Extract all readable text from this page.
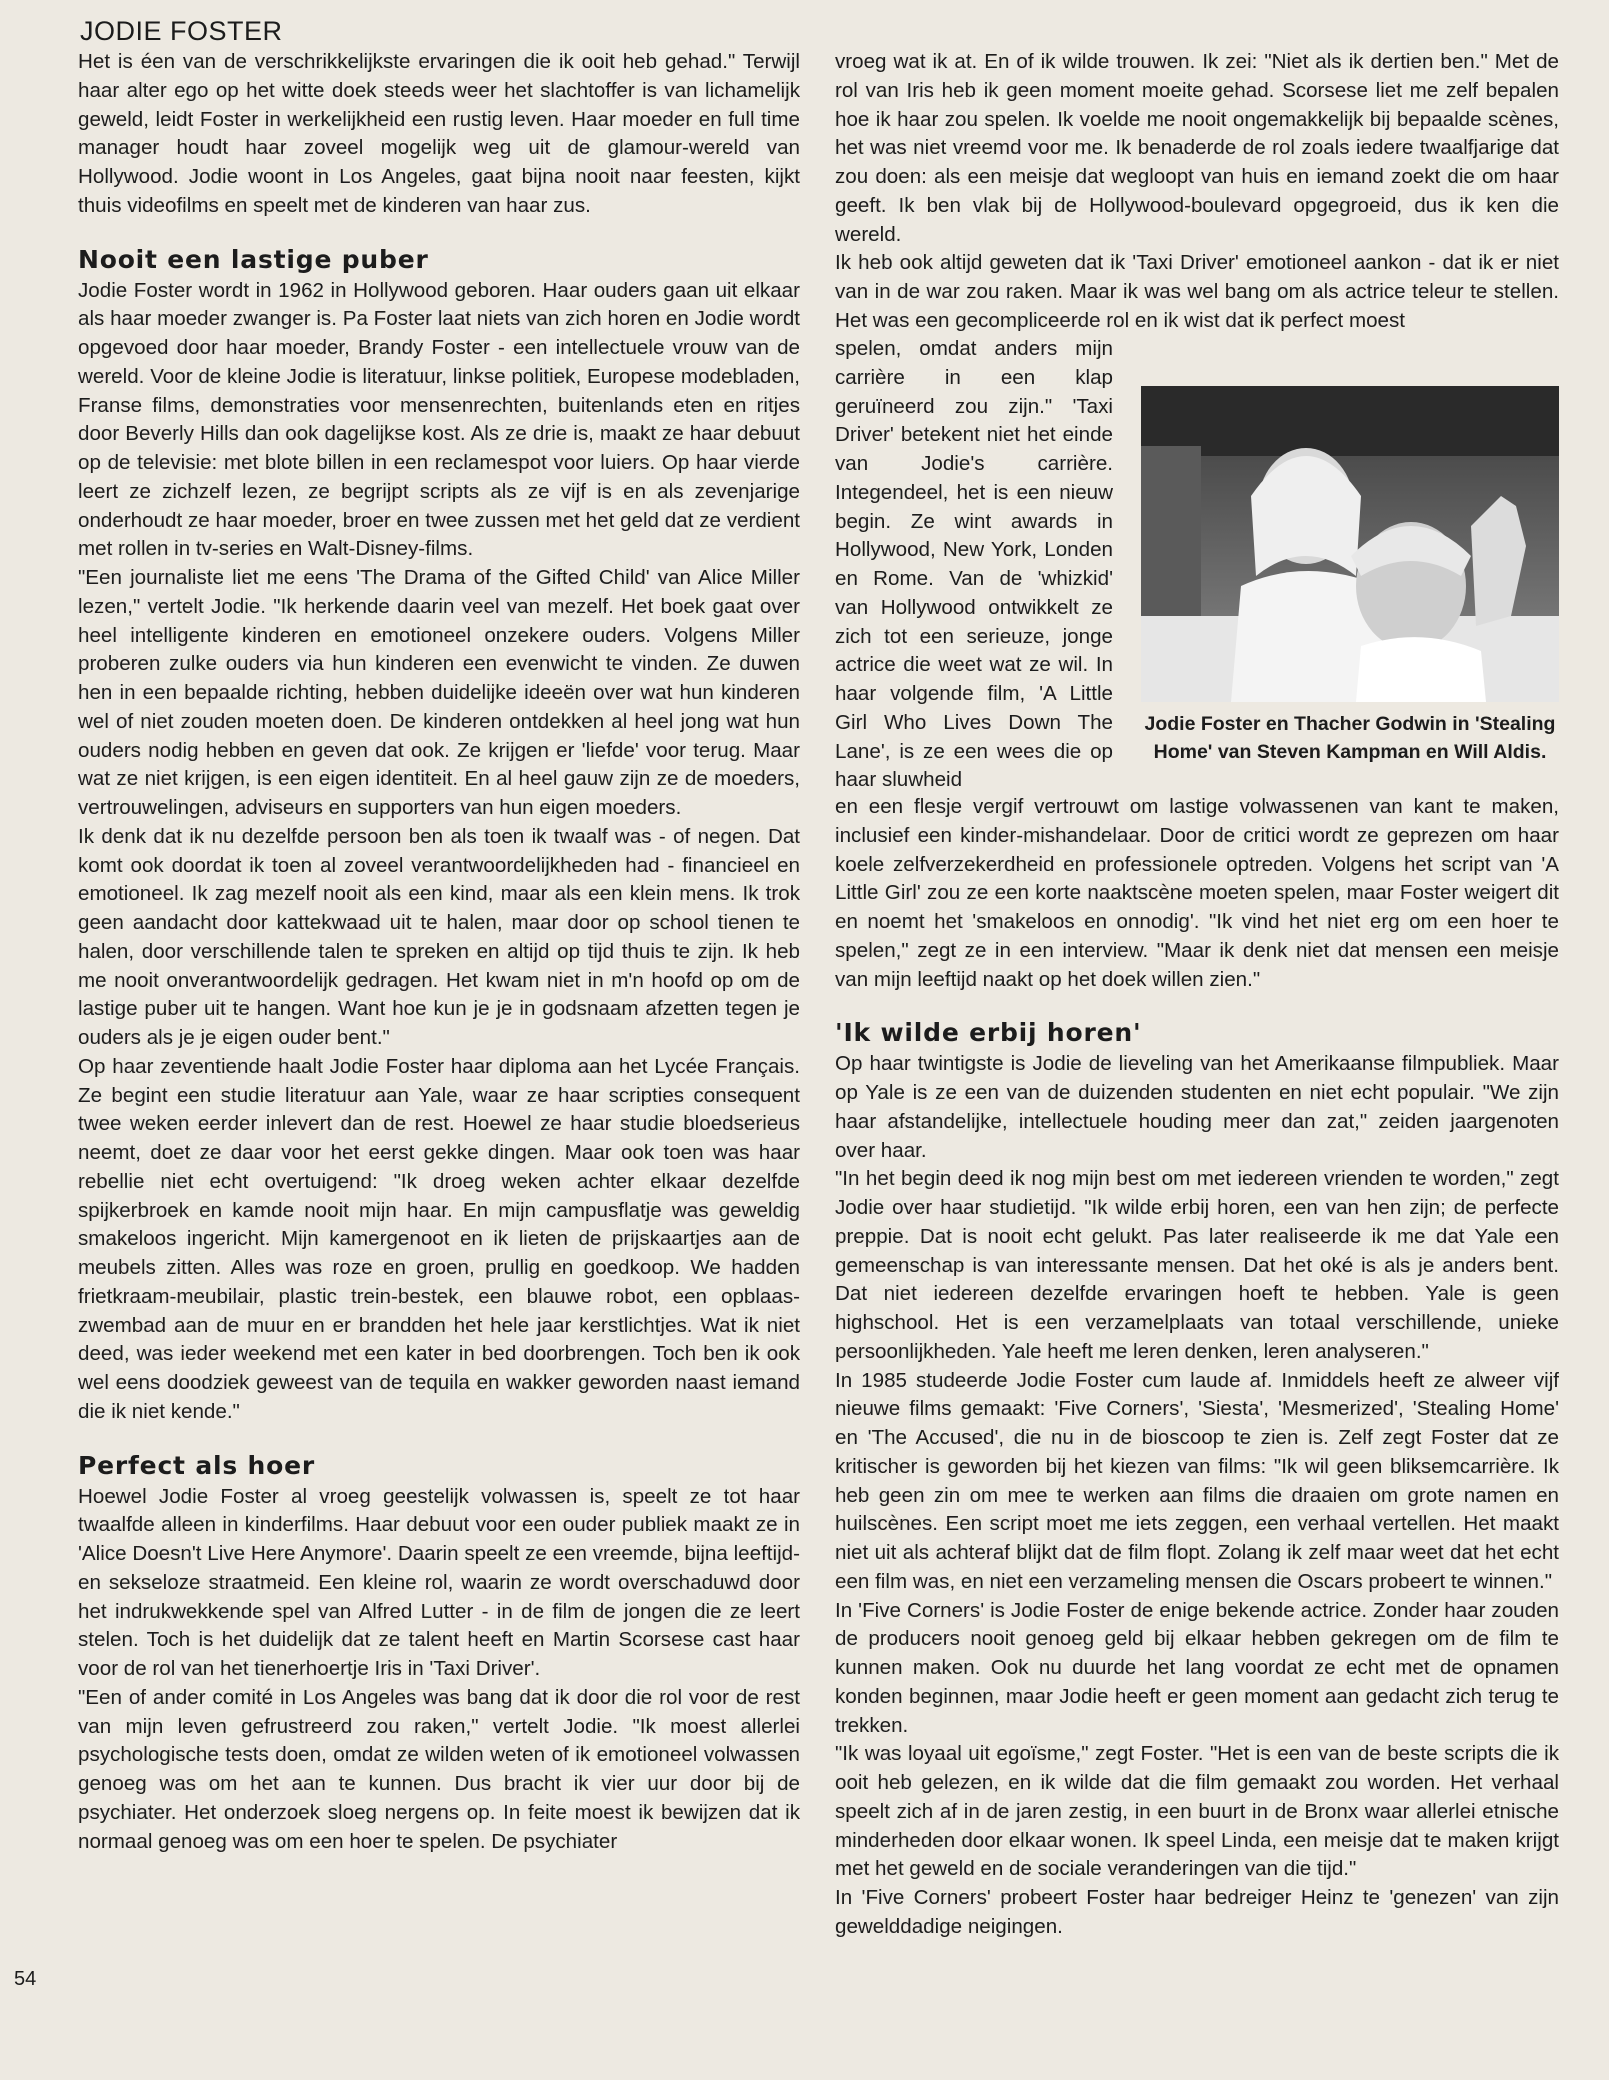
JODIE FOSTER

Het is éen van de verschrikkelijkste ervaringen die ik ooit heb gehad." Terwijl haar alter ego op het witte doek steeds weer het slachtoffer is van lichamelijk geweld, leidt Foster in werkelijkheid een rustig leven. Haar moeder en full time manager houdt haar zoveel mogelijk weg uit de glamour-wereld van Hollywood. Jodie woont in Los Angeles, gaat bijna nooit naar feesten, kijkt thuis videofilms en speelt met de kinderen van haar zus.

Nooit een lastige puber

Jodie Foster wordt in 1962 in Hollywood geboren. Haar ouders gaan uit elkaar als haar moeder zwanger is. Pa Foster laat niets van zich horen en Jodie wordt opgevoed door haar moeder, Brandy Foster - een intellectuele vrouw van de wereld. Voor de kleine Jodie is literatuur, linkse politiek, Europese modebladen, Franse films, demonstraties voor mensenrechten, buitenlands eten en ritjes door Beverly Hills dan ook dagelijkse kost. Als ze drie is, maakt ze haar debuut op de televisie: met blote billen in een reclamespot voor luiers. Op haar vierde leert ze zichzelf lezen, ze begrijpt scripts als ze vijf is en als zevenjarige onderhoudt ze haar moeder, broer en twee zussen met het geld dat ze verdient met rollen in tv-series en Walt-Disney-films.

"Een journaliste liet me eens 'The Drama of the Gifted Child' van Alice Miller lezen," vertelt Jodie. "Ik herkende daarin veel van mezelf. Het boek gaat over heel intelligente kinderen en emotioneel onzekere ouders. Volgens Miller proberen zulke ouders via hun kinderen een evenwicht te vinden. Ze duwen hen in een bepaalde richting, hebben duidelijke ideeën over wat hun kinderen wel of niet zouden moeten doen. De kinderen ontdekken al heel jong wat hun ouders nodig hebben en geven dat ook. Ze krijgen er 'liefde' voor terug. Maar wat ze niet krijgen, is een eigen identiteit. En al heel gauw zijn ze de moeders, vertrouwelingen, adviseurs en supporters van hun eigen moeders.

Ik denk dat ik nu dezelfde persoon ben als toen ik twaalf was - of negen. Dat komt ook doordat ik toen al zoveel verantwoordelijkheden had - financieel en emotioneel. Ik zag mezelf nooit als een kind, maar als een klein mens. Ik trok geen aandacht door kattekwaad uit te halen, maar door op school tienen te halen, door verschillende talen te spreken en altijd op tijd thuis te zijn. Ik heb me nooit onverantwoordelijk gedragen. Het kwam niet in m'n hoofd op om de lastige puber uit te hangen. Want hoe kun je je in godsnaam afzetten tegen je ouders als je je eigen ouder bent."

Op haar zeventiende haalt Jodie Foster haar diploma aan het Lycée Français. Ze begint een studie literatuur aan Yale, waar ze haar scripties consequent twee weken eerder inlevert dan de rest. Hoewel ze haar studie bloedserieus neemt, doet ze daar voor het eerst gekke dingen. Maar ook toen was haar rebellie niet echt overtuigend: "Ik droeg weken achter elkaar dezelfde spijkerbroek en kamde nooit mijn haar. En mijn campusflatje was geweldig smakeloos ingericht. Mijn kamergenoot en ik lieten de prijskaartjes aan de meubels zitten. Alles was roze en groen, prullig en goedkoop. We hadden frietkraam-meubilair, plastic trein-bestek, een blauwe robot, een opblaas-zwembad aan de muur en er brandden het hele jaar kerstlichtjes. Wat ik niet deed, was ieder weekend met een kater in bed doorbrengen. Toch ben ik ook wel eens doodziek geweest van de tequila en wakker geworden naast iemand die ik niet kende."

Perfect als hoer

Hoewel Jodie Foster al vroeg geestelijk volwassen is, speelt ze tot haar twaalfde alleen in kinderfilms. Haar debuut voor een ouder publiek maakt ze in 'Alice Doesn't Live Here Anymore'. Daarin speelt ze een vreemde, bijna leeftijd- en sekseloze straatmeid. Een kleine rol, waarin ze wordt overschaduwd door het indrukwekkende spel van Alfred Lutter - in de film de jongen die ze leert stelen. Toch is het duidelijk dat ze talent heeft en Martin Scorsese cast haar voor de rol van het tienerhoertje Iris in 'Taxi Driver'.

"Een of ander comité in Los Angeles was bang dat ik door die rol voor de rest van mijn leven gefrustreerd zou raken," vertelt Jodie. "Ik moest allerlei psychologische tests doen, omdat ze wilden weten of ik emotioneel volwassen genoeg was om het aan te kunnen. Dus bracht ik vier uur door bij de psychiater. Het onderzoek sloeg nergens op. In feite moest ik bewijzen dat ik normaal genoeg was om een hoer te spelen. De psychiater

vroeg wat ik at. En of ik wilde trouwen. Ik zei: "Niet als ik dertien ben." Met de rol van Iris heb ik geen moment moeite gehad. Scorsese liet me zelf bepalen hoe ik haar zou spelen. Ik voelde me nooit ongemakkelijk bij bepaalde scènes, het was niet vreemd voor me. Ik benaderde de rol zoals iedere twaalfjarige dat zou doen: als een meisje dat wegloopt van huis en iemand zoekt die om haar geeft. Ik ben vlak bij de Hollywood-boulevard opgegroeid, dus ik ken die wereld.

Ik heb ook altijd geweten dat ik 'Taxi Driver' emotioneel aankon - dat ik er niet van in de war zou raken. Maar ik was wel bang om als actrice teleur te stellen. Het was een gecompliceerde rol en ik wist dat ik perfect moest

spelen, omdat anders mijn carrière in een klap geruïneerd zou zijn." 'Taxi Driver' betekent niet het einde van Jodie's carrière. Integendeel, het is een nieuw begin. Ze wint awards in Hollywood, New York, Londen en Rome. Van de 'whizkid' van Hollywood ontwikkelt ze zich tot een serieuze, jonge actrice die weet wat ze wil. In haar volgende film, 'A Little Girl Who Lives Down The Lane', is ze een wees die op haar sluwheid

Jodie Foster en Thacher Godwin in 'Stealing Home' van Steven Kampman en Will Aldis.

en een flesje vergif vertrouwt om lastige volwassenen van kant te maken, inclusief een kinder-mishandelaar. Door de critici wordt ze geprezen om haar koele zelfverzekerdheid en professionele optreden. Volgens het script van 'A Little Girl' zou ze een korte naaktscène moeten spelen, maar Foster weigert dit en noemt het 'smakeloos en onnodig'. "Ik vind het niet erg om een hoer te spelen," zegt ze in een interview. "Maar ik denk niet dat mensen een meisje van mijn leeftijd naakt op het doek willen zien."

'Ik wilde erbij horen'

Op haar twintigste is Jodie de lieveling van het Amerikaanse filmpubliek. Maar op Yale is ze een van de duizenden studenten en niet echt populair. "We zijn haar afstandelijke, intellectuele houding meer dan zat," zeiden jaargenoten over haar.

"In het begin deed ik nog mijn best om met iedereen vrienden te worden," zegt Jodie over haar studietijd. "Ik wilde erbij horen, een van hen zijn; de perfecte preppie. Dat is nooit echt gelukt. Pas later realiseerde ik me dat Yale een gemeenschap is van interessante mensen. Dat het oké is als je anders bent. Dat niet iedereen dezelfde ervaringen hoeft te hebben. Yale is geen highschool. Het is een verzamelplaats van totaal verschillende, unieke persoonlijkheden. Yale heeft me leren denken, leren analyseren."

In 1985 studeerde Jodie Foster cum laude af. Inmiddels heeft ze alweer vijf nieuwe films gemaakt: 'Five Corners', 'Siesta', 'Mesmerized', 'Stealing Home' en 'The Accused', die nu in de bioscoop te zien is. Zelf zegt Foster dat ze kritischer is geworden bij het kiezen van films: "Ik wil geen bliksemcarrière. Ik heb geen zin om mee te werken aan films die draaien om grote namen en huilscènes. Een script moet me iets zeggen, een verhaal vertellen. Het maakt niet uit als achteraf blijkt dat de film flopt. Zolang ik zelf maar weet dat het echt een film was, en niet een verzameling mensen die Oscars probeert te winnen."

In 'Five Corners' is Jodie Foster de enige bekende actrice. Zonder haar zouden de producers nooit genoeg geld bij elkaar hebben gekregen om de film te kunnen maken. Ook nu duurde het lang voordat ze echt met de opnamen konden beginnen, maar Jodie heeft er geen moment aan gedacht zich terug te trekken.

"Ik was loyaal uit egoïsme," zegt Foster. "Het is een van de beste scripts die ik ooit heb gelezen, en ik wilde dat die film gemaakt zou worden. Het verhaal speelt zich af in de jaren zestig, in een buurt in de Bronx waar allerlei etnische minderheden door elkaar wonen. Ik speel Linda, een meisje dat te maken krijgt met het geweld en de sociale veranderingen van die tijd."

In 'Five Corners' probeert Foster haar bedreiger Heinz te 'genezen' van zijn gewelddadige neigingen.

54
